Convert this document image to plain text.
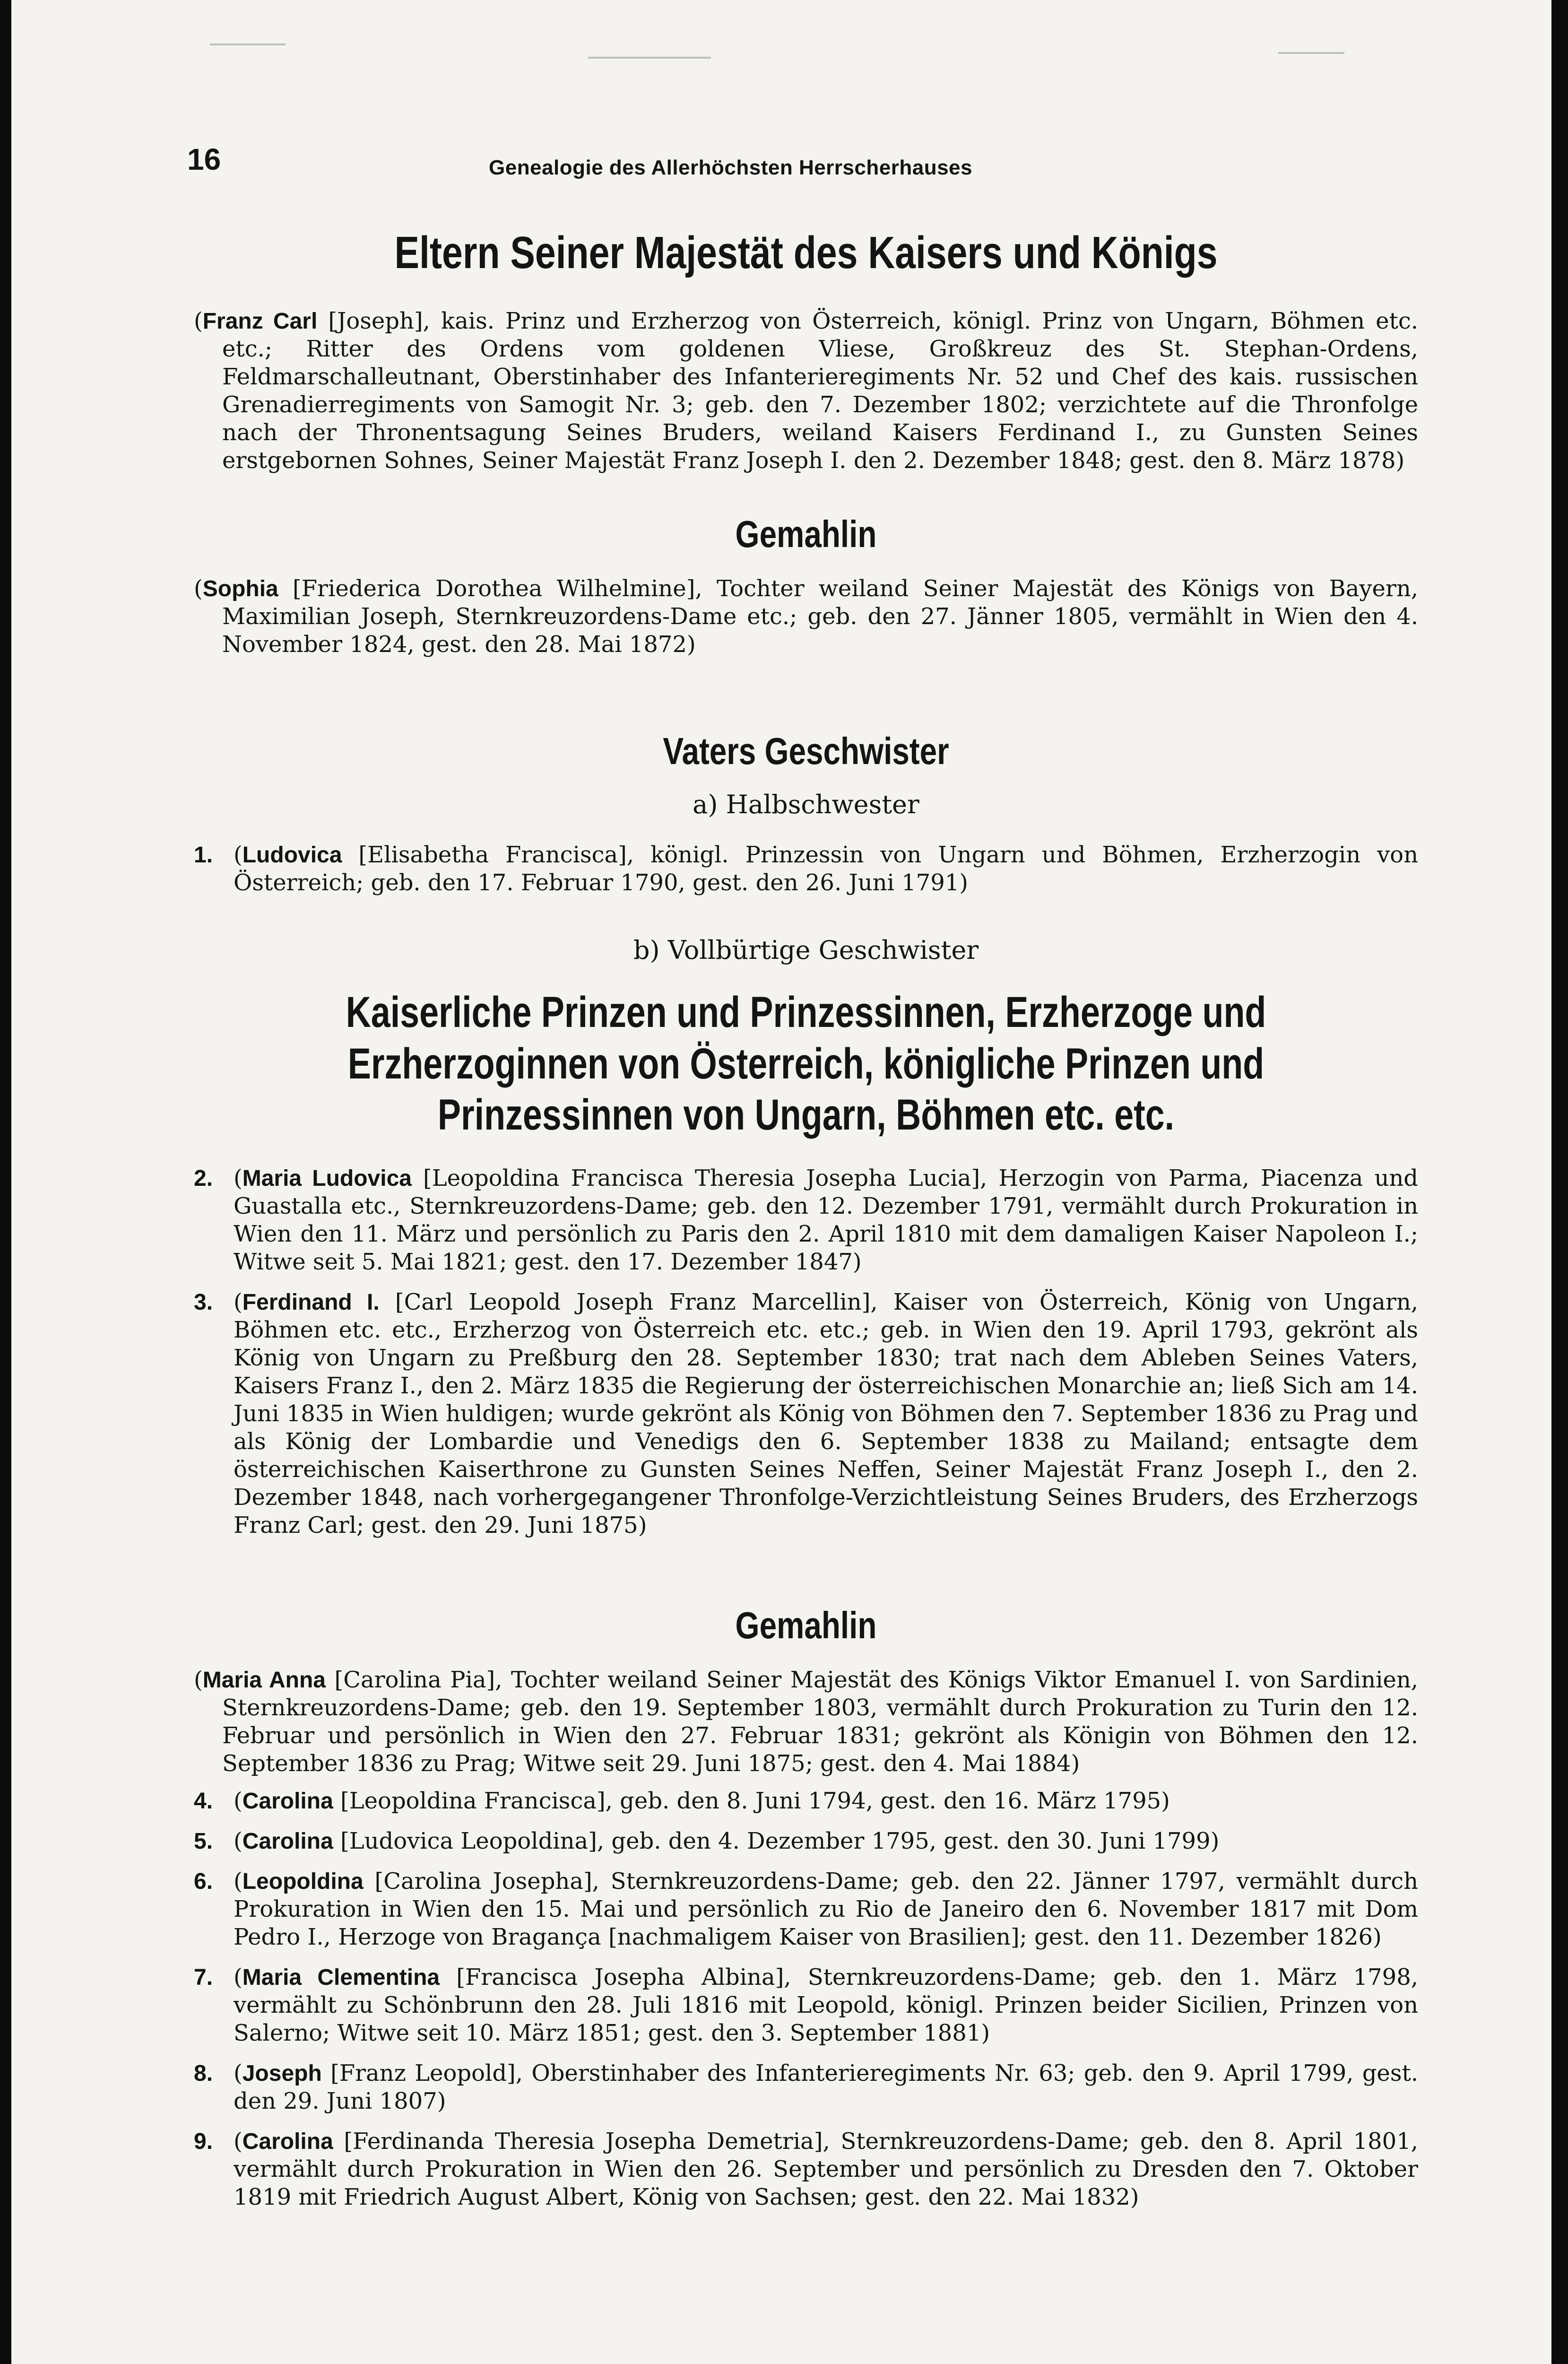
16	Genealogie des Allerhöchsten Herrscherhauses
Eltern Seiner Majestät des Kaisers und Königs

(Franz Carl [Joseph], kais. Prinz und Erzherzog von Österreich, königl. Prinz von Ungarn, Böhmen etc. etc.; Ritter des Ordens vom goldenen Vliese, Großkreuz des St. Stephan-Ordens, Feldmarschalleutnant, Oberstinhaber des Infanterieregiments Nr. 52 und Chef des kais. russischen Grenadierregiments von Samogit Nr. 3; geb. den 7. Dezember 1802; verzichtete auf die Thronfolge nach der Thronentsagung Seines Bruders, weiland Kaisers Ferdinand I., zu Gunsten Seines erstgebornen Sohnes, Seiner Majestät Franz Joseph I. den 2. Dezember 1848; gest. den 8. März 1878)

Gemahlin

(Sophia [Friederica Dorothea Wilhelmine], Tochter weiland Seiner Majestät des Königs von Bayern, Maximilian Joseph, Sternkreuzordens-Dame etc.; geb. den 27. Jänner 1805, vermählt in Wien den 4. November 1824, gest. den 28. Mai 1872)

Vaters Geschwister
a) Halbschwester
1. (Ludovica [Elisabetha Francisca], königl. Prinzessin von Ungarn und Böhmen, Erzherzogin von Österreich; geb. den 17. Februar 1790, gest. den 26. Juni 1791)

b) Vollbürtige Geschwister
Kaiserliche Prinzen und Prinzessinnen, Erzherzoge und Erzherzoginnen von Österreich, königliche Prinzen und Prinzessinnen von Ungarn, Böhmen etc. etc.
2. (Maria Ludovica [Leopoldina Francisca Theresia Josepha Lucia], Herzogin von Parma, Piacenza und Guastalla etc., Sternkreuzordens-Dame; geb. den 12. Dezember 1791, vermählt durch Prokuration in Wien den 11. März und persönlich zu Paris den 2. April 1810 mit dem damaligen Kaiser Napoleon I.; Witwe seit 5. Mai 1821; gest. den 17. Dezember 1847)

3. (Ferdinand I. [Carl Leopold Joseph Franz Marcellin], Kaiser von Österreich, König von Ungarn, Böhmen etc. etc., Erzherzog von Österreich etc. etc.; geb. in Wien den 19. April 1793, gekrönt als König von Ungarn zu Preßburg den 28. September 1830; trat nach dem Ableben Seines Vaters, Kaisers Franz I., den 2. März 1835 die Regierung der österreichischen Monarchie an; ließ Sich am 14. Juni 1835 in Wien huldigen; wurde gekrönt als König von Böhmen den 7. September 1836 zu Prag und als König der Lombardie und Venedigs den 6. September 1838 zu Mailand; entsagte dem österreichischen Kaiserthrone zu Gunsten Seines Neffen, Seiner Majestät Franz Joseph I., den 2. Dezember 1848, nach vorhergegangener Thronfolge-Verzichtleistung Seines Bruders, des Erzherzogs Franz Carl; gest. den 29. Juni 1875)

Gemahlin

(Maria Anna [Carolina Pia], Tochter weiland Seiner Majestät des Königs Viktor Emanuel I. von Sardinien, Sternkreuzordens-Dame; geb. den 19. September 1803, vermählt durch Prokuration zu Turin den 12. Februar und persönlich in Wien den 27. Februar 1831; gekrönt als Königin von Böhmen den 12. September 1836 zu Prag; Witwe seit 29. Juni 1875; gest. den 4. Mai 1884)

4. (Carolina [Leopoldina Francisca], geb. den 8. Juni 1794, gest. den 16. März 1795)

5. (Carolina [Ludovica Leopoldina], geb. den 4. Dezember 1795, gest. den 30. Juni 1799)

6. (Leopoldina [Carolina Josepha], Sternkreuzordens-Dame; geb. den 22. Jänner 1797, vermählt durch Prokuration in Wien den 15. Mai und persönlich zu Rio de Janeiro den 6. November 1817 mit Dom Pedro I., Herzoge von Bragança [nachmaligem Kaiser von Brasilien]; gest. den 11. Dezember 1826)

7. (Maria Clementina [Francisca Josepha Albina], Sternkreuzordens-Dame; geb. den 1. März 1798, vermählt zu Schönbrunn den 28. Juli 1816 mit Leopold, königl. Prinzen beider Sicilien, Prinzen von Salerno; Witwe seit 10. März 1851; gest. den 3. September 1881)

8. (Joseph [Franz Leopold], Oberstinhaber des Infanterieregiments Nr. 63; geb. den 9. April 1799, gest. den 29. Juni 1807)

9. (Carolina [Ferdinanda Theresia Josepha Demetria], Sternkreuzordens-Dame; geb. den 8. April 1801, vermählt durch Prokuration in Wien den 26. September und persönlich zu Dresden den 7. Oktober 1819 mit Friedrich August Albert, König von Sachsen; gest. den 22. Mai 1832)
